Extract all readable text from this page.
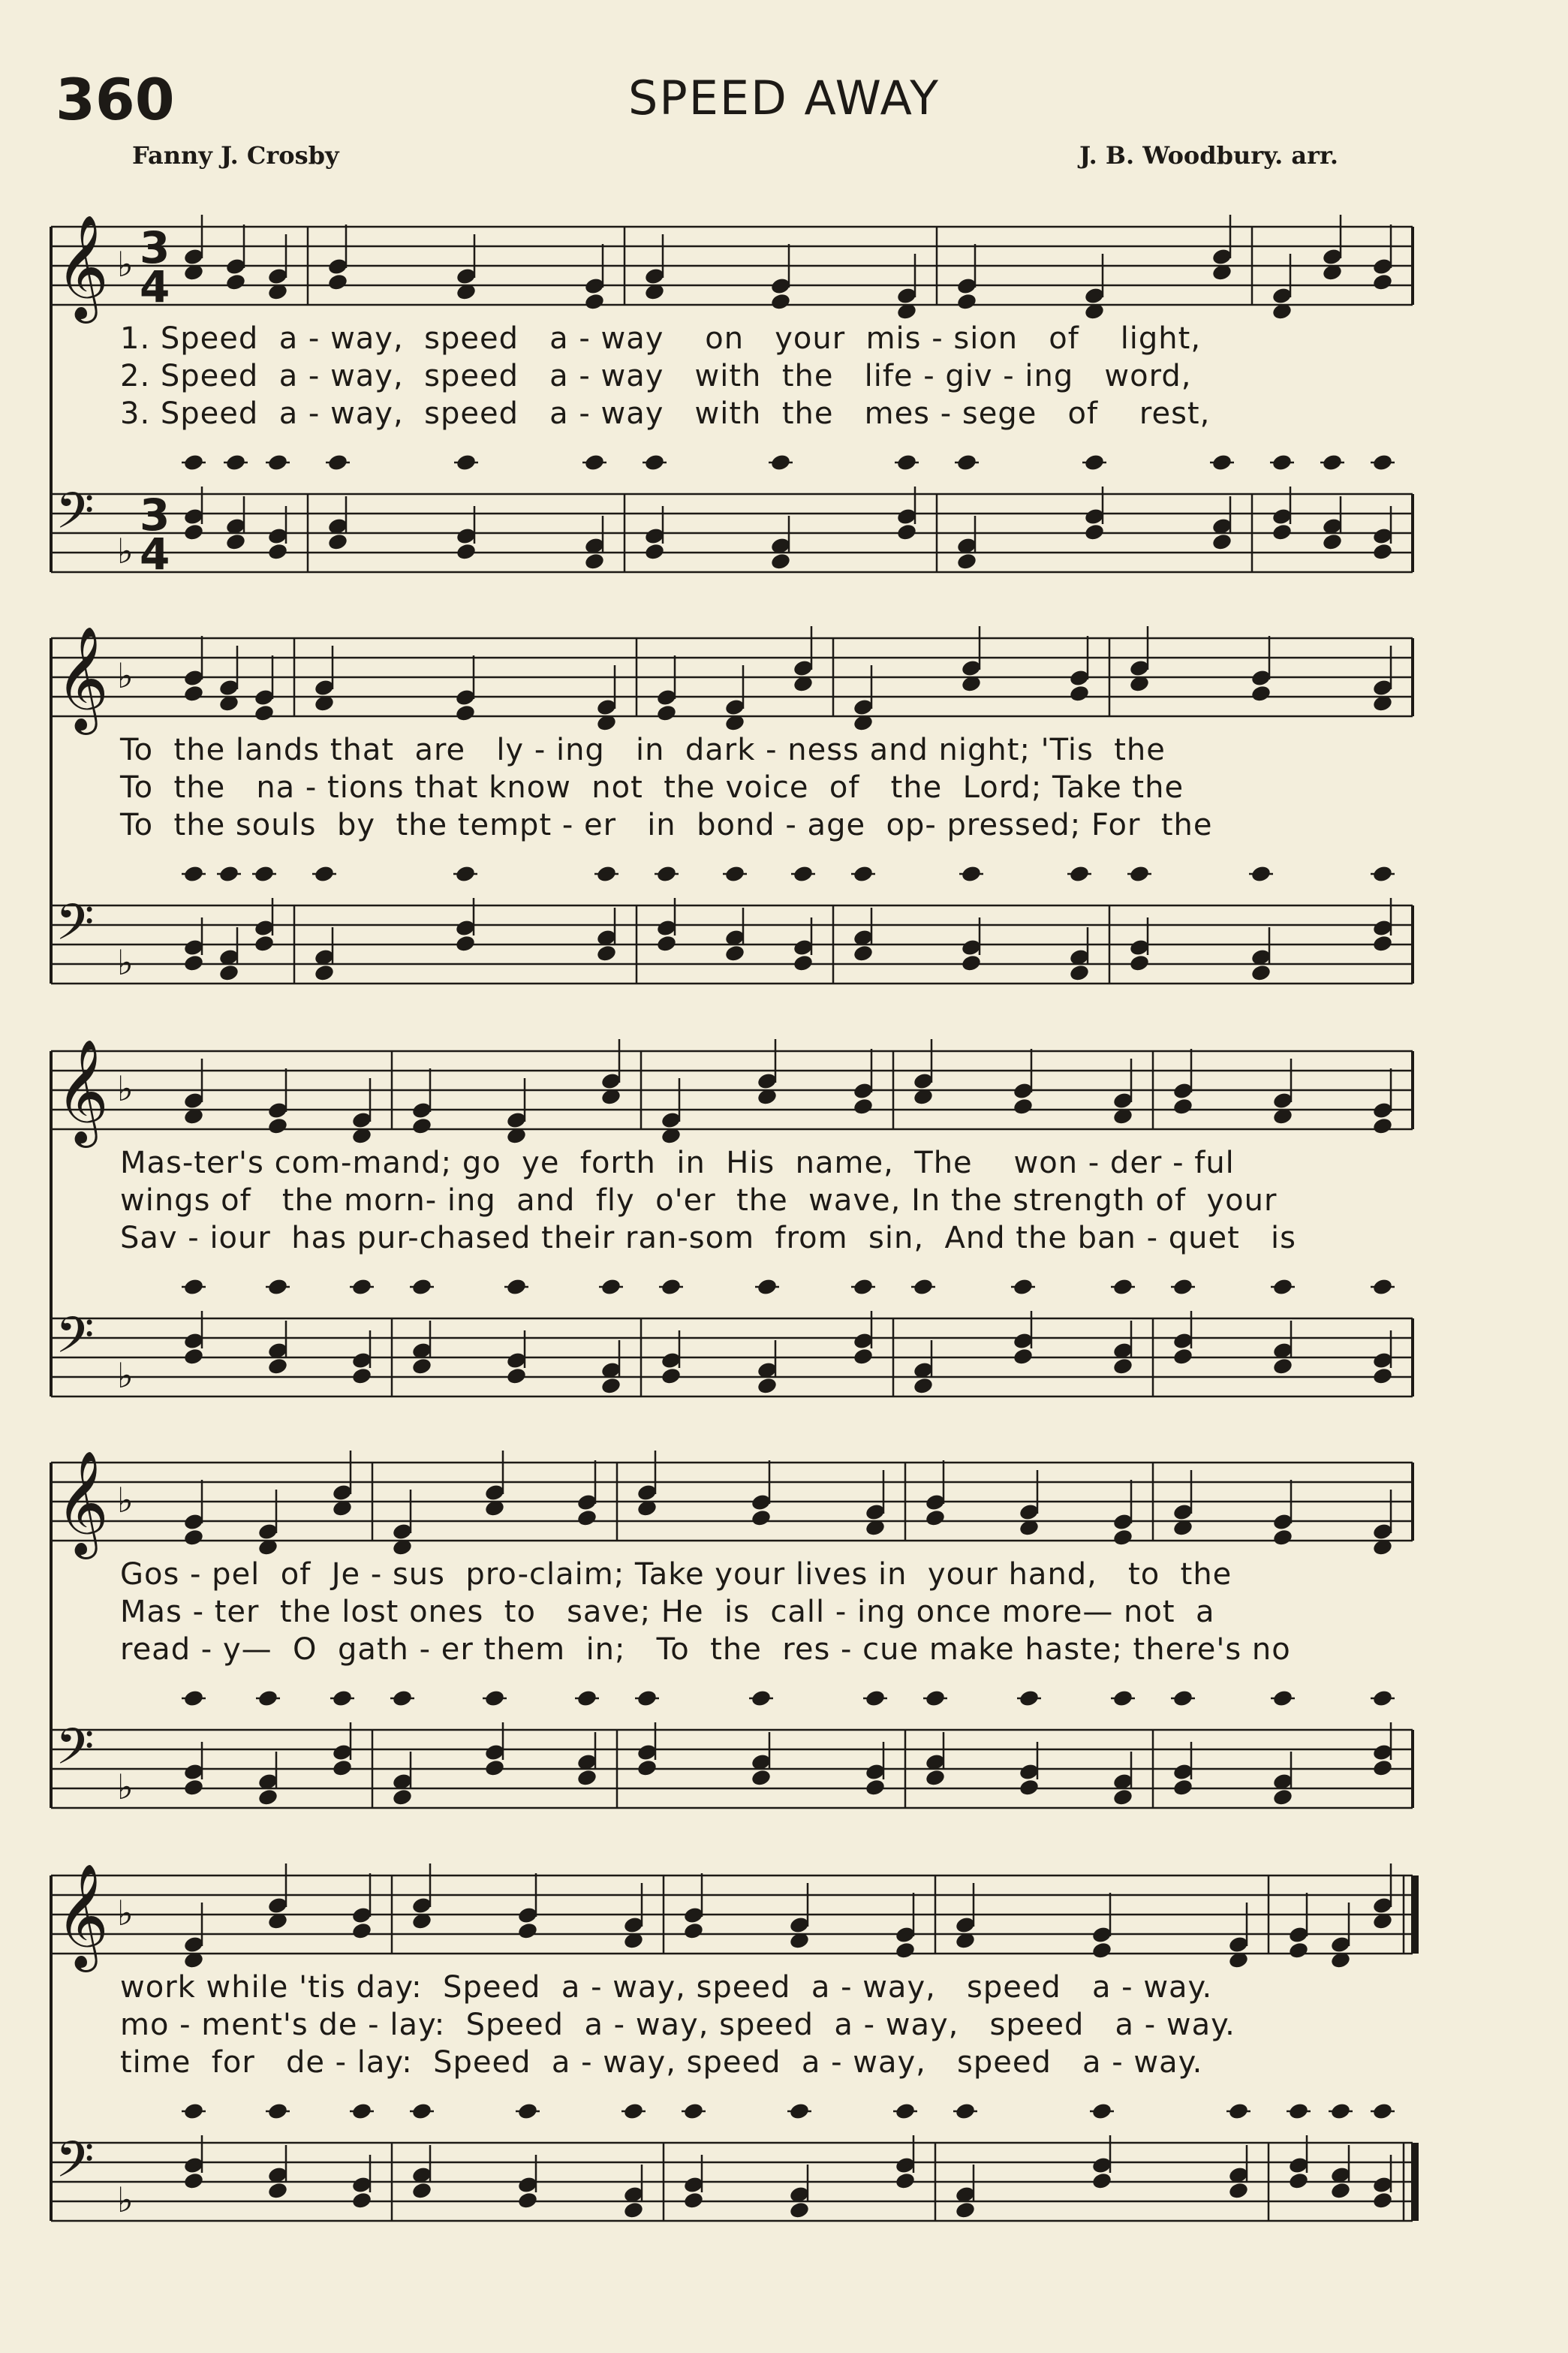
360	SPEED AWAY
Fanny J. Crosby	J. B. Woodbury. arr.
𝄞 ♭ 3
4
𝄢 ♭
3
4
𝄞 ♭
𝄢 ♭
𝄞 ♭
𝄢 ♭
𝄞 ♭
𝄢 ♭
𝄞 ♭
𝄢 ♭
1. Speed  a - way,  speed   a - way    on   your  mis - sion   of    light,
2. Speed  a - way,  speed   a - way   with  the   life - giv - ing   word,
3. Speed  a - way,  speed   a - way   with  the   mes - sege   of    rest,
To  the lands that  are   ly - ing   in  dark - ness and night; 'Tis  the
To  the   na - tions that know  not  the voice  of   the  Lord; Take the
To  the souls  by  the tempt - er   in  bond - age  op- pressed; For  the
Mas-ter's com-mand; go  ye  forth  in  His  name,  The    won - der - ful
wings of   the morn- ing  and  fly  o'er  the  wave, In the strength of  your
Sav - iour  has pur-chased their ran-som  from  sin,  And the ban - quet   is
Gos - pel  of  Je - sus  pro-claim; Take your lives in  your hand,   to  the
Mas - ter  the lost ones  to   save; He  is  call - ing once more— not  a
read - y—  O  gath - er them  in;   To  the  res - cue make haste; there's no
work while 'tis day:  Speed  a - way, speed  a - way,   speed   a - way.
mo - ment's de - lay:  Speed  a - way, speed  a - way,   speed   a - way.
time  for   de - lay:  Speed  a - way, speed  a - way,   speed   a - way.
